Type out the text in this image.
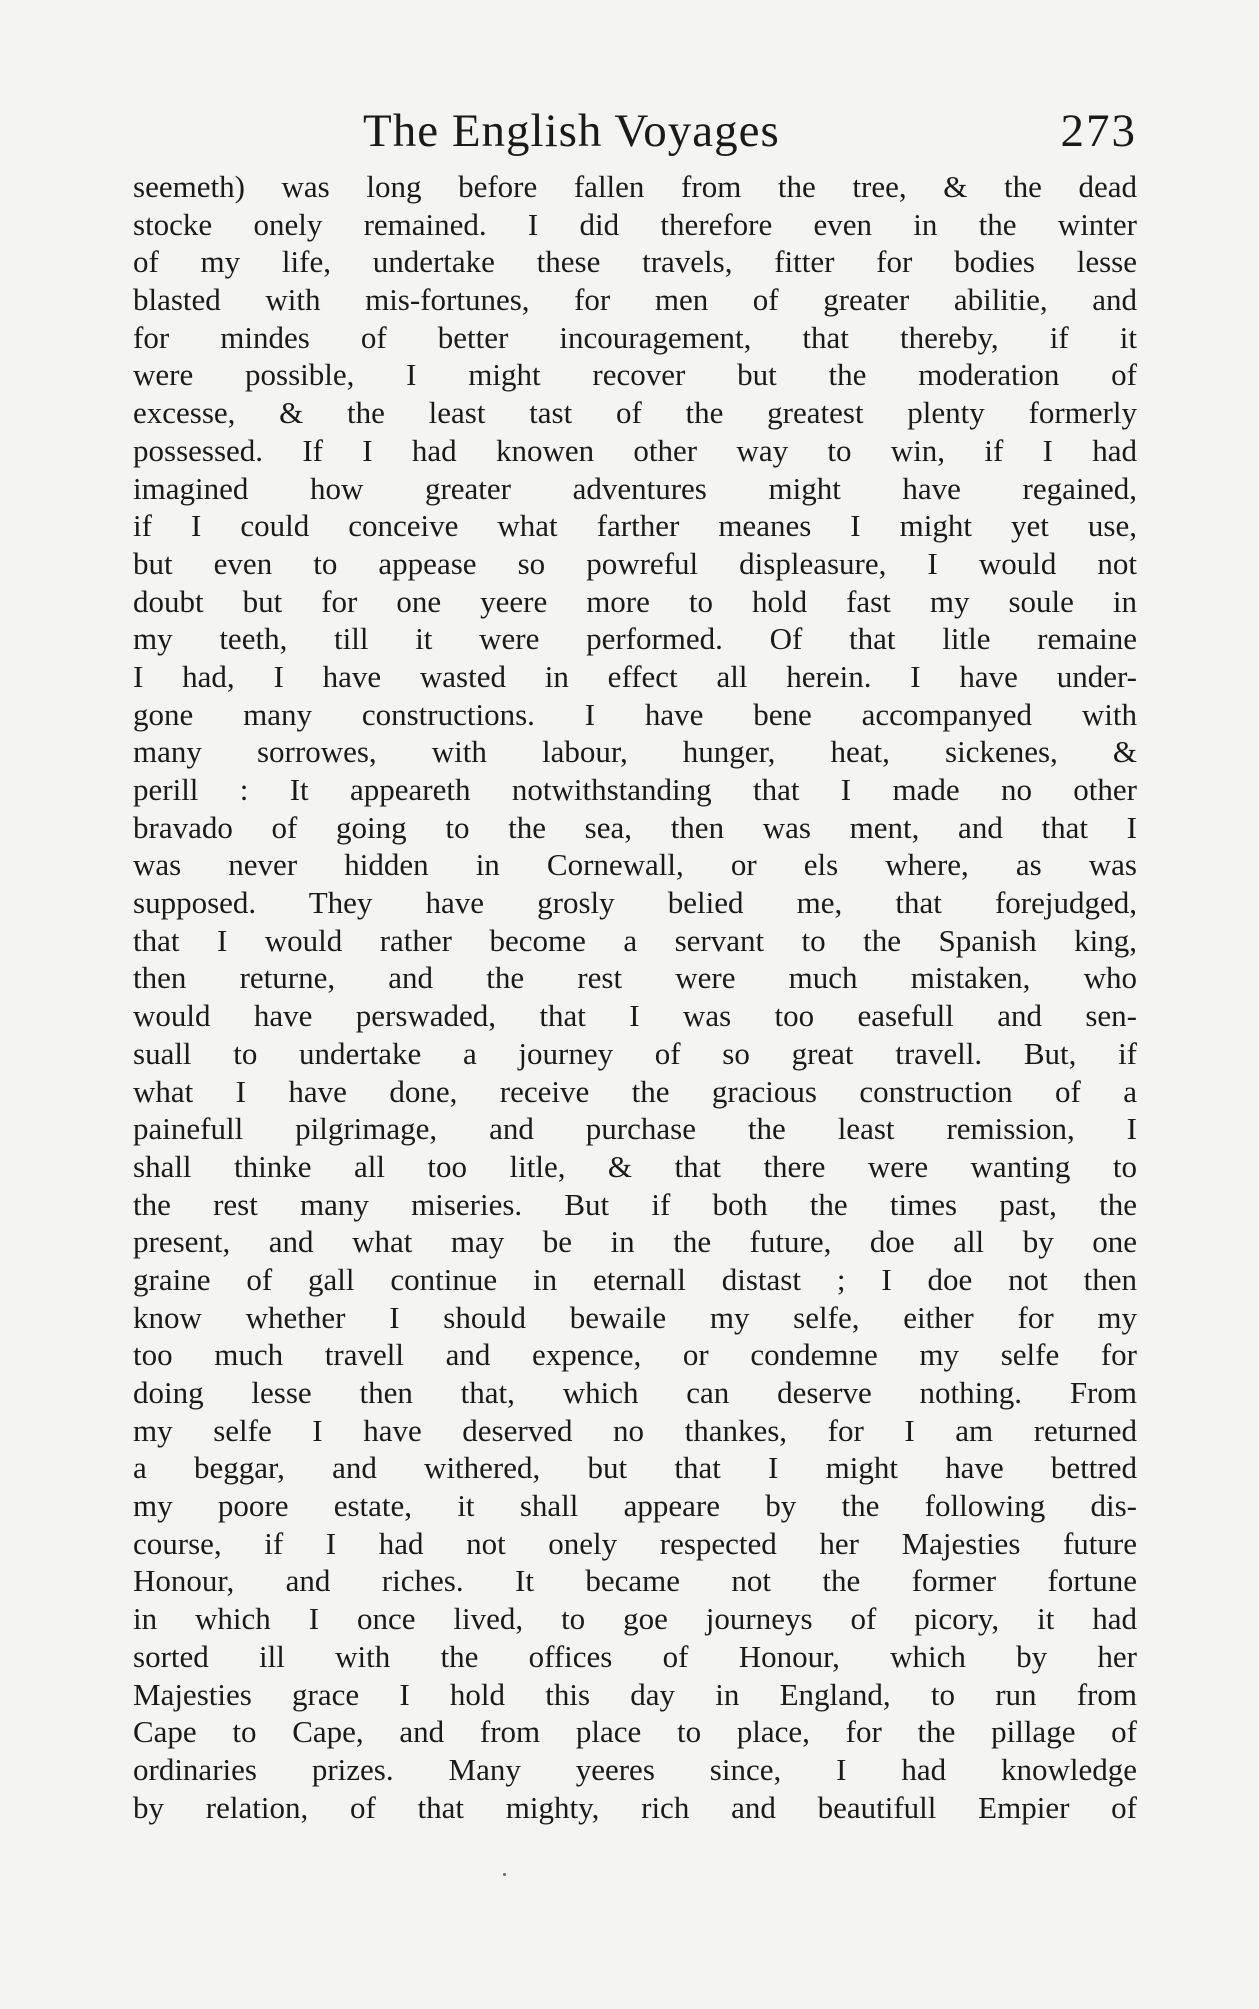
The English Voyages	273
seemeth) was long before fallen from the tree, & the dead
stocke onely remained. I did therefore even in the winter
of my life, undertake these travels, fitter for bodies lesse
blasted with mis-fortunes, for men of greater abilitie, and
for mindes of better incouragement, that thereby, if it
were possible, I might recover but the moderation of
excesse, & the least tast of the greatest plenty formerly
possessed. If I had knowen other way to win, if I had
imagined how greater adventures might have regained,
if I could conceive what farther meanes I might yet use,
but even to appease so powreful displeasure, I would not
doubt but for one yeere more to hold fast my soule in
my teeth, till it were performed. Of that litle remaine
I had, I have wasted in effect all herein. I have under-
gone many constructions. I have bene accompanyed with
many sorrowes, with labour, hunger, heat, sickenes, &
perill : It appeareth notwithstanding that I made no other
bravado of going to the sea, then was ment, and that I
was never hidden in Cornewall, or els where, as was
supposed. They have grosly belied me, that forejudged,
that I would rather become a servant to the Spanish king,
then returne, and the rest were much mistaken, who
would have perswaded, that I was too easefull and sen-
suall to undertake a journey of so great travell. But, if
what I have done, receive the gracious construction of a
painefull pilgrimage, and purchase the least remission, I
shall thinke all too litle, & that there were wanting to
the rest many miseries. But if both the times past, the
present, and what may be in the future, doe all by one
graine of gall continue in eternall distast ; I doe not then
know whether I should bewaile my selfe, either for my
too much travell and expence, or condemne my selfe for
doing lesse then that, which can deserve nothing. From
my selfe I have deserved no thankes, for I am returned
a beggar, and withered, but that I might have bettred
my poore estate, it shall appeare by the following dis-
course, if I had not onely respected her Majesties future
Honour, and riches. It became not the former fortune
in which I once lived, to goe journeys of picory, it had
sorted ill with the offices of Honour, which by her
Majesties grace I hold this day in England, to run from
Cape to Cape, and from place to place, for the pillage of
ordinaries prizes. Many yeeres since, I had knowledge
by relation, of that mighty, rich and beautifull Empier of
